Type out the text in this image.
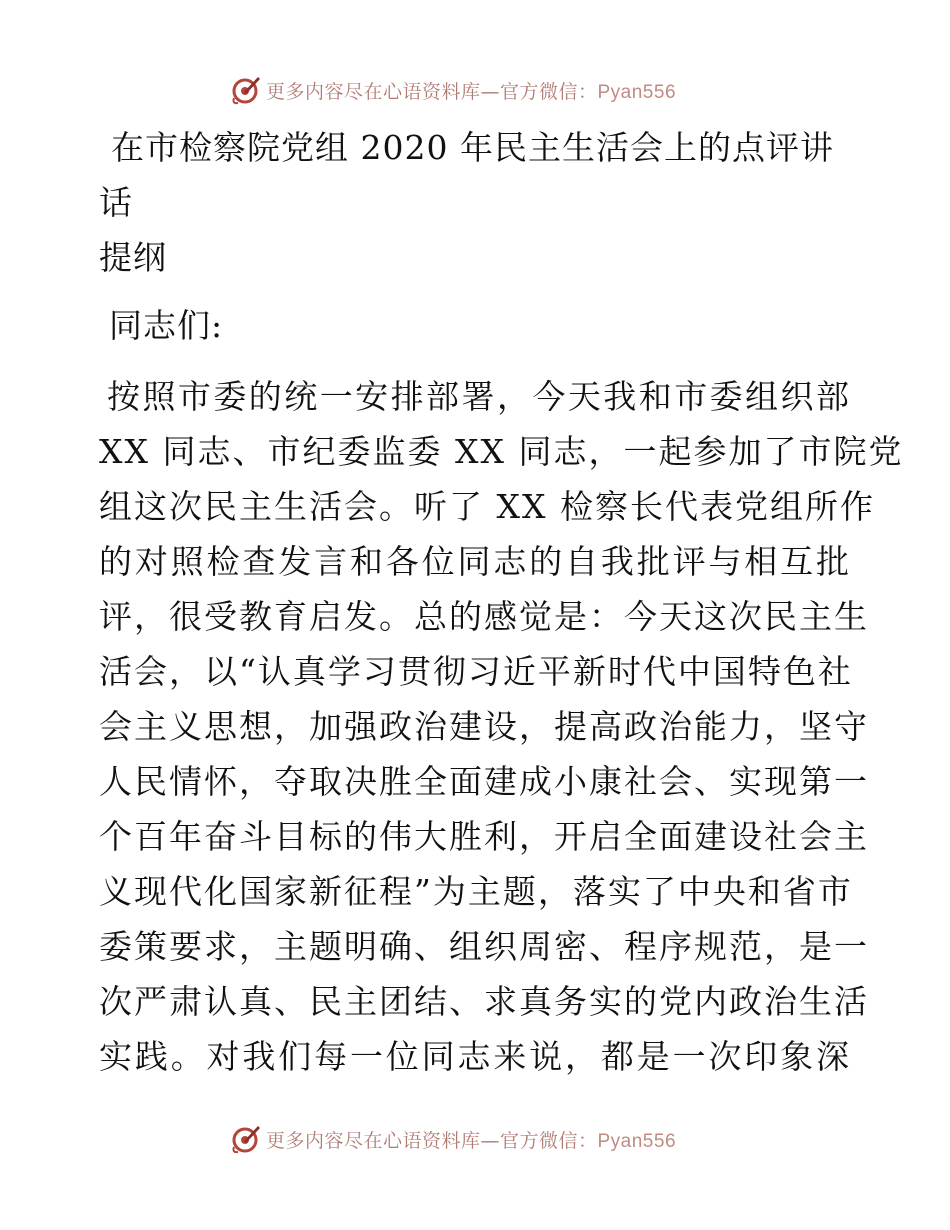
更多内容尽在心语资料库—官方微信：Pyan556
在市检察院党组 2020 年民主生活会上的点评讲话
提纲

同志们:

按照市委的统一安排部署，今天我和市委组织部
XX 同志、市纪委监委 XX 同志，一起参加了市院党
组这次民主生活会。听了 XX 检察长代表党组所作
的对照检查发言和各位同志的自我批评与相互批
评，很受教育启发。总的感觉是：今天这次民主生
活会，以“认真学习贯彻习近平新时代中国特色社
会主义思想，加强政治建设，提高政治能力，坚守
人民情怀，夺取决胜全面建成小康社会、实现第一
个百年奋斗目标的伟大胜利，开启全面建设社会主
义现代化国家新征程”为主题，落实了中央和省市
委策要求，主题明确、组织周密、程序规范，是一
次严肃认真、民主团结、求真务实的党内政治生活
实践。对我们每一位同志来说，都是一次印象深
更多内容尽在心语资料库—官方微信：Pyan556
